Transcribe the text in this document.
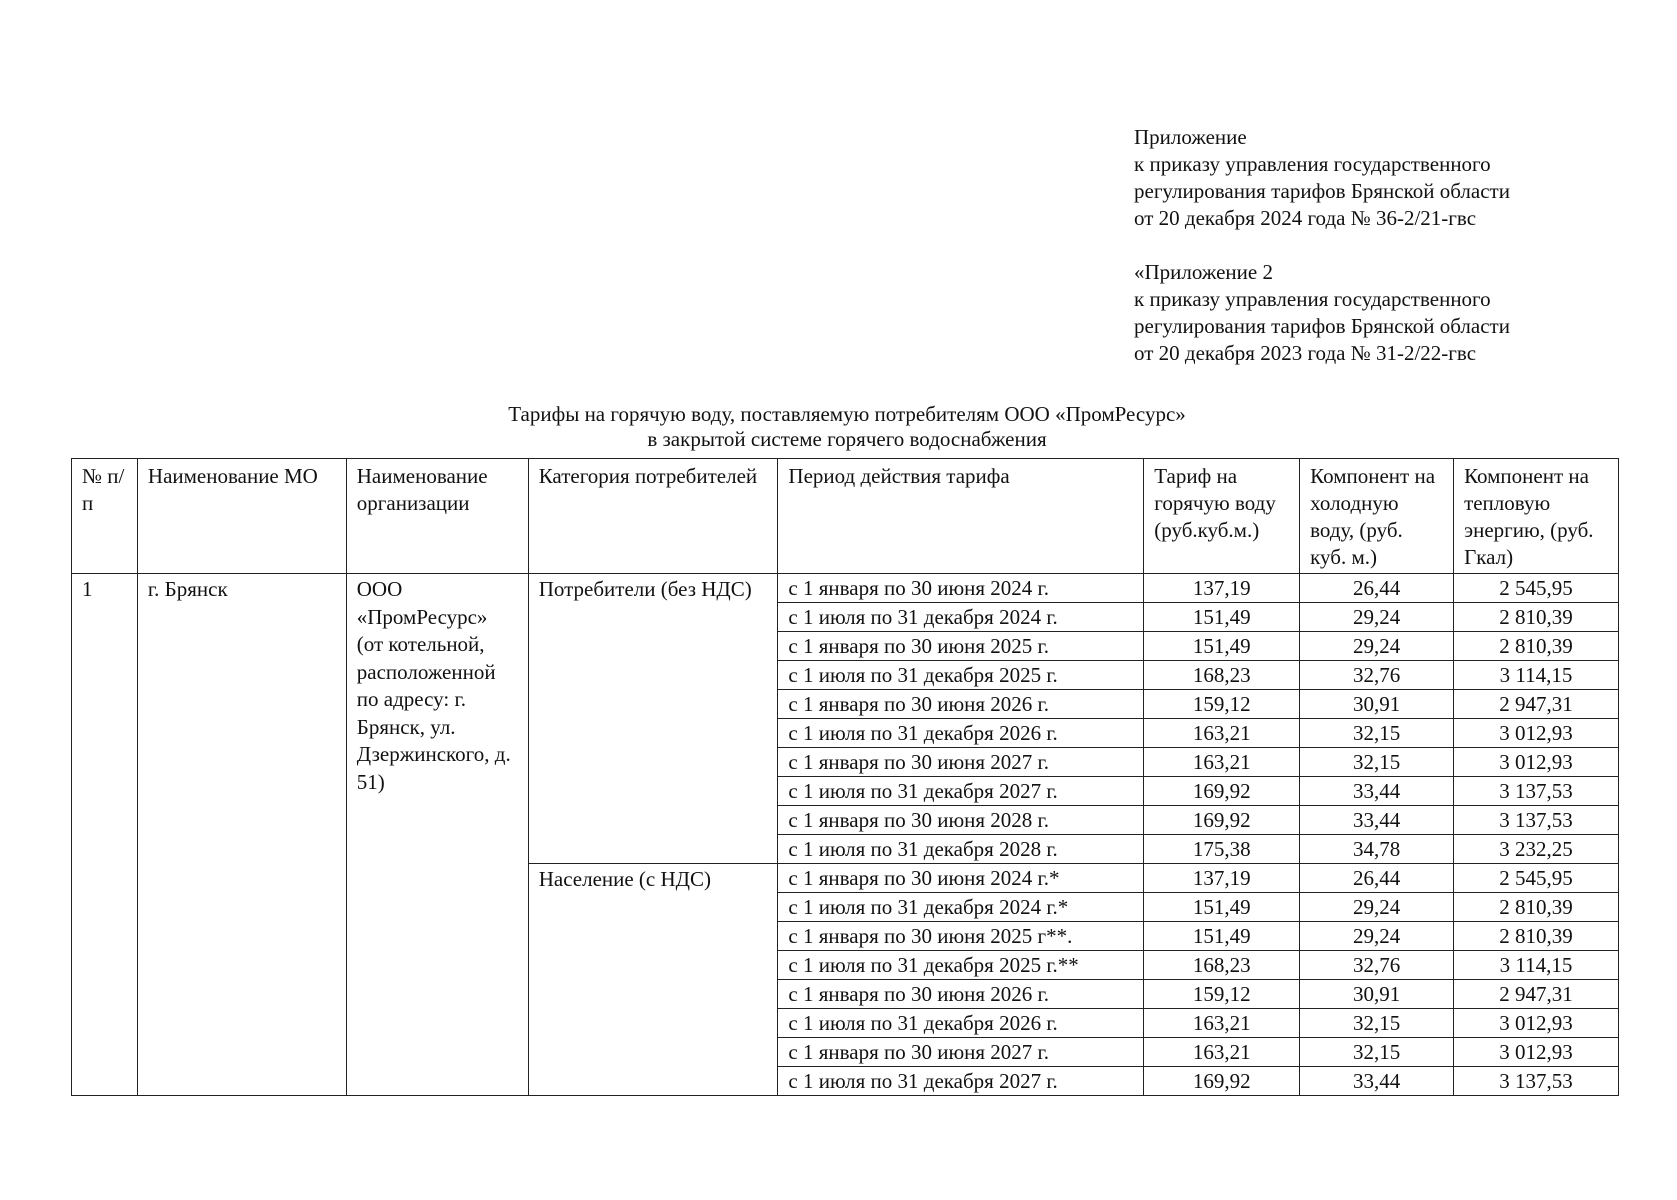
Приложение
к приказу управления государственного
регулирования тарифов Брянской области
от 20 декабря 2024 года № 36-2/21-гвс
«Приложение 2
к приказу управления государственного
регулирования тарифов Брянской области
от 20 декабря 2023 года № 31-2/22-гвс
Тарифы на горячую воду, поставляемую потребителям ООО «ПромРесурс»
в закрытой системе горячего водоснабжения
№ п/п	Наименование МО	Наименование организации	Категория потребителей	Период действия тарифа	Тариф на горячую воду (руб.куб.м.)	Компонент на холодную воду, (руб. куб. м.)	Компонент на тепловую энергию, (руб. Гкал)
1	г. Брянск	ООО «ПромРесурс» (от котельной, расположенной по адресу: г. Брянск, ул. Дзержинского, д. 51)	Потребители (без НДС)	с 1 января по 30 июня 2024 г.	137,19	26,44	2 545,95
				с 1 июля по 31 декабря 2024 г.	151,49	29,24	2 810,39
				с 1 января по 30 июня 2025 г.	151,49	29,24	2 810,39
				с 1 июля по 31 декабря 2025 г.	168,23	32,76	3 114,15
				с 1 января по 30 июня 2026 г.	159,12	30,91	2 947,31
				с 1 июля по 31 декабря 2026 г.	163,21	32,15	3 012,93
				с 1 января по 30 июня 2027 г.	163,21	32,15	3 012,93
				с 1 июля по 31 декабря 2027 г.	169,92	33,44	3 137,53
				с 1 января по 30 июня 2028 г.	169,92	33,44	3 137,53
				с 1 июля по 31 декабря 2028 г.	175,38	34,78	3 232,25
			Население (с НДС)	с 1 января по 30 июня 2024 г.*	137,19	26,44	2 545,95
				с 1 июля по 31 декабря 2024 г.*	151,49	29,24	2 810,39
				с 1 января по 30 июня 2025 г**.	151,49	29,24	2 810,39
				с 1 июля по 31 декабря 2025 г.**	168,23	32,76	3 114,15
				с 1 января по 30 июня 2026 г.	159,12	30,91	2 947,31
				с 1 июля по 31 декабря 2026 г.	163,21	32,15	3 012,93
				с 1 января по 30 июня 2027 г.	163,21	32,15	3 012,93
				с 1 июля по 31 декабря 2027 г.	169,92	33,44	3 137,53
